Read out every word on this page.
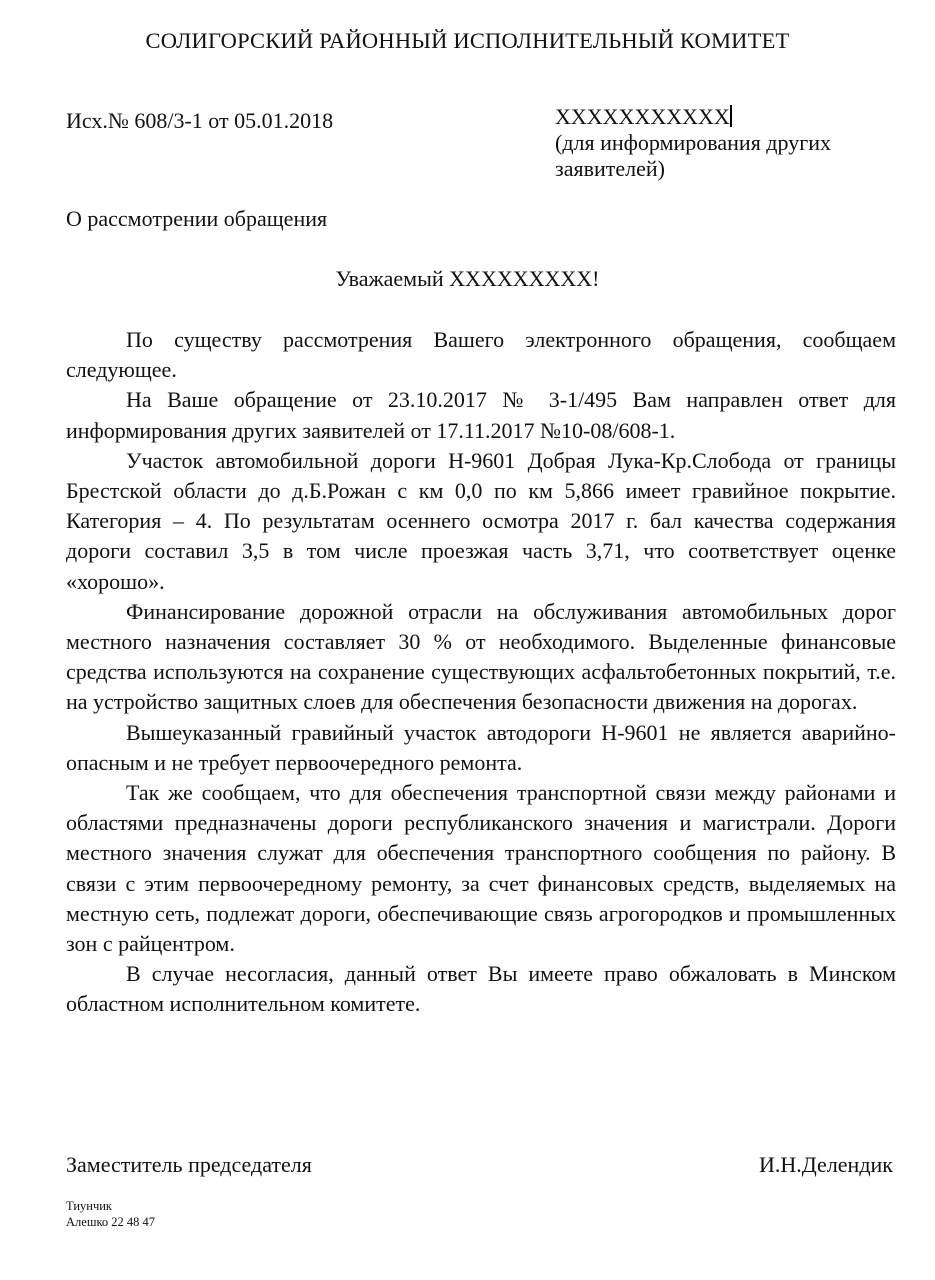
СОЛИГОРСКИЙ РАЙОННЫЙ ИСПОЛНИТЕЛЬНЫЙ КОМИТЕТ
Исх.№ 608/3-1 от 05.01.2018	XXXXXXXXXXX
(для информирования других заявителей)
О рассмотрении обращения
Уважаемый XXXXXXXXX!

По существу рассмотрения Вашего электронного обращения, сообщаем следующее.

На Ваше обращение от 23.10.2017 № 3-1/495 Вам направлен ответ для информирования других заявителей от 17.11.2017 №10-08/608-1.

Участок автомобильной дороги Н-9601 Добрая Лука-Кр.Слобода от границы Брестской области до д.Б.Рожан с км 0,0 по км 5,866 имеет гравийное покрытие. Категория – 4. По результатам осеннего осмотра 2017 г. бал качества содержания дороги составил 3,5 в том числе проезжая часть 3,71, что соответствует оценке «хорошо».

Финансирование дорожной отрасли на обслуживания автомобильных дорог местного назначения составляет 30 % от необходимого. Выделенные финансовые средства используются на сохранение существующих асфальтобетонных покрытий, т.е. на устройство защитных слоев для обеспечения безопасности движения на дорогах.

Вышеуказанный гравийный участок автодороги Н-9601 не является аварийно-опасным и не требует первоочередного ремонта.

Так же сообщаем, что для обеспечения транспортной связи между районами и областями предназначены дороги республиканского значения и магистрали. Дороги местного значения служат для обеспечения транспортного сообщения по району. В связи с этим первоочередному ремонту, за счет финансовых средств, выделяемых на местную сеть, подлежат дороги, обеспечивающие связь агрогородков и промышленных зон с райцентром.

В случае несогласия, данный ответ Вы имеете право обжаловать в Минском областном исполнительном комитете.

Заместитель председателя	И.Н.Делендик
Тиунчик
Алешко 22 48 47
